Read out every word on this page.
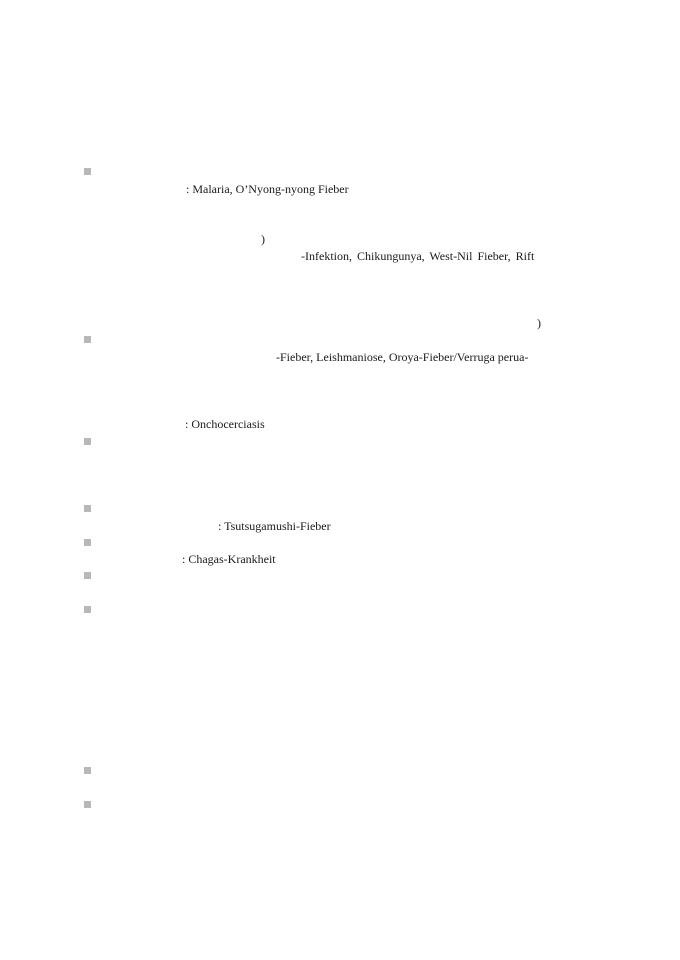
: Malaria, O’Nyong-nyong Fieber
)
-Infektion, Chikungunya, West-Nil Fieber, Rift
)
-Fieber, Leishmaniose, Oroya-Fieber/Verruga perua-
: Onchocerciasis
: Tsutsugamushi-Fieber
: Chagas-Krankheit
